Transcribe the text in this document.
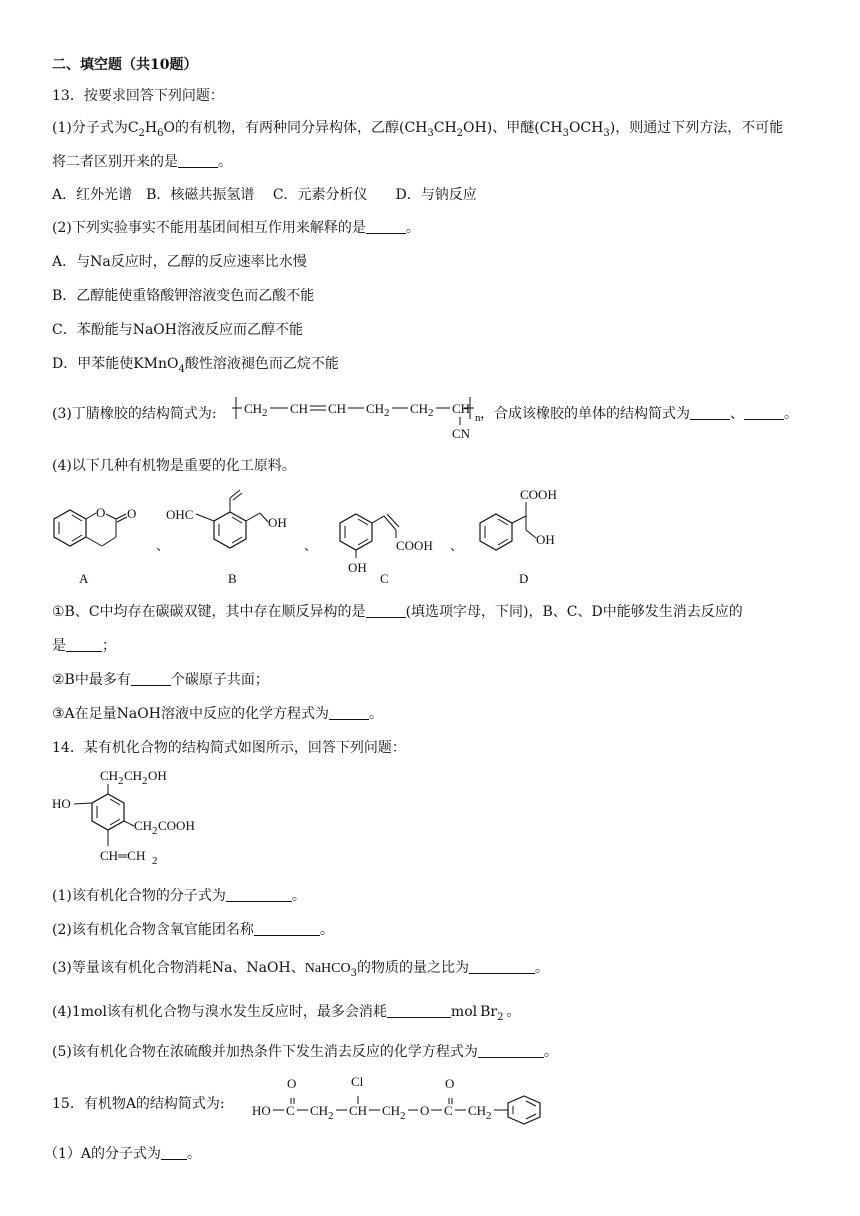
二、填空题（共10题）
13．按要求回答下列问题：
(1)分子式为$C_2H_6O$的有机物，有两种同分异构体，乙醇$(CH_3CH_2OH)$、甲醚$(CH_3OCH_3)$，则通过下列方法，不可能
将二者区别开来的是	。
A．红外光谱　B．核磁共振氢谱　 C．元素分析仪　　D．与钠反应
(2)下列实验事实不能用基团间相互作用来解释的是	。
A．与Na反应时，乙醇的反应速率比水慢
B．乙醇能使重铬酸钾溶液变色而乙酸不能
C．苯酚能与NaOH溶液反应而乙醇不能
D．甲苯能使KMnO$_4$酸性溶液褪色而乙烷不能
(3)丁腈橡胶的结构简式为: CH 2 CH CH CH 2 CH 2 CH
n
CN
，合成该橡胶的单体的结构简式为	、	。
(4)以下几种有机物是重要的化工原料。
O O
A
、
OHC
OH
B
、	COOH
OH
C
、
COOH
OH
D
①B、C中均存在碳碳双键，其中存在顺反异构的是	(填选项字母，下同)，B、C、D中能够发生消去反应的
是	；
②B中最多有	个碳原子共面；
③A在足量NaOH溶液中反应的化学方程式为	。
14．某有机化合物的结构简式如图所示，回答下列问题：
CH 2 CH 2 OH
HO
CH 2 COOH
CH═CH 2
(1)该有机化合物的分子式为	。
(2)该有机化合物含氧官能团名称	。
(3)等量该有机化合物消耗Na、NaOH、NaHCO$_3$的物质的量之比为	。
(4)1mol该有机化合物与溴水发生反应时，最多会消耗	mol $Br_2$ 。
(5)该有机化合物在浓硫酸并加热条件下发生消去反应的化学方程式为	。
15．有机物A的结构简式为: HO C
O
CH 2 CH
Cl
CH 2 O C
O
CH 2
（1）A的分子式为 。
